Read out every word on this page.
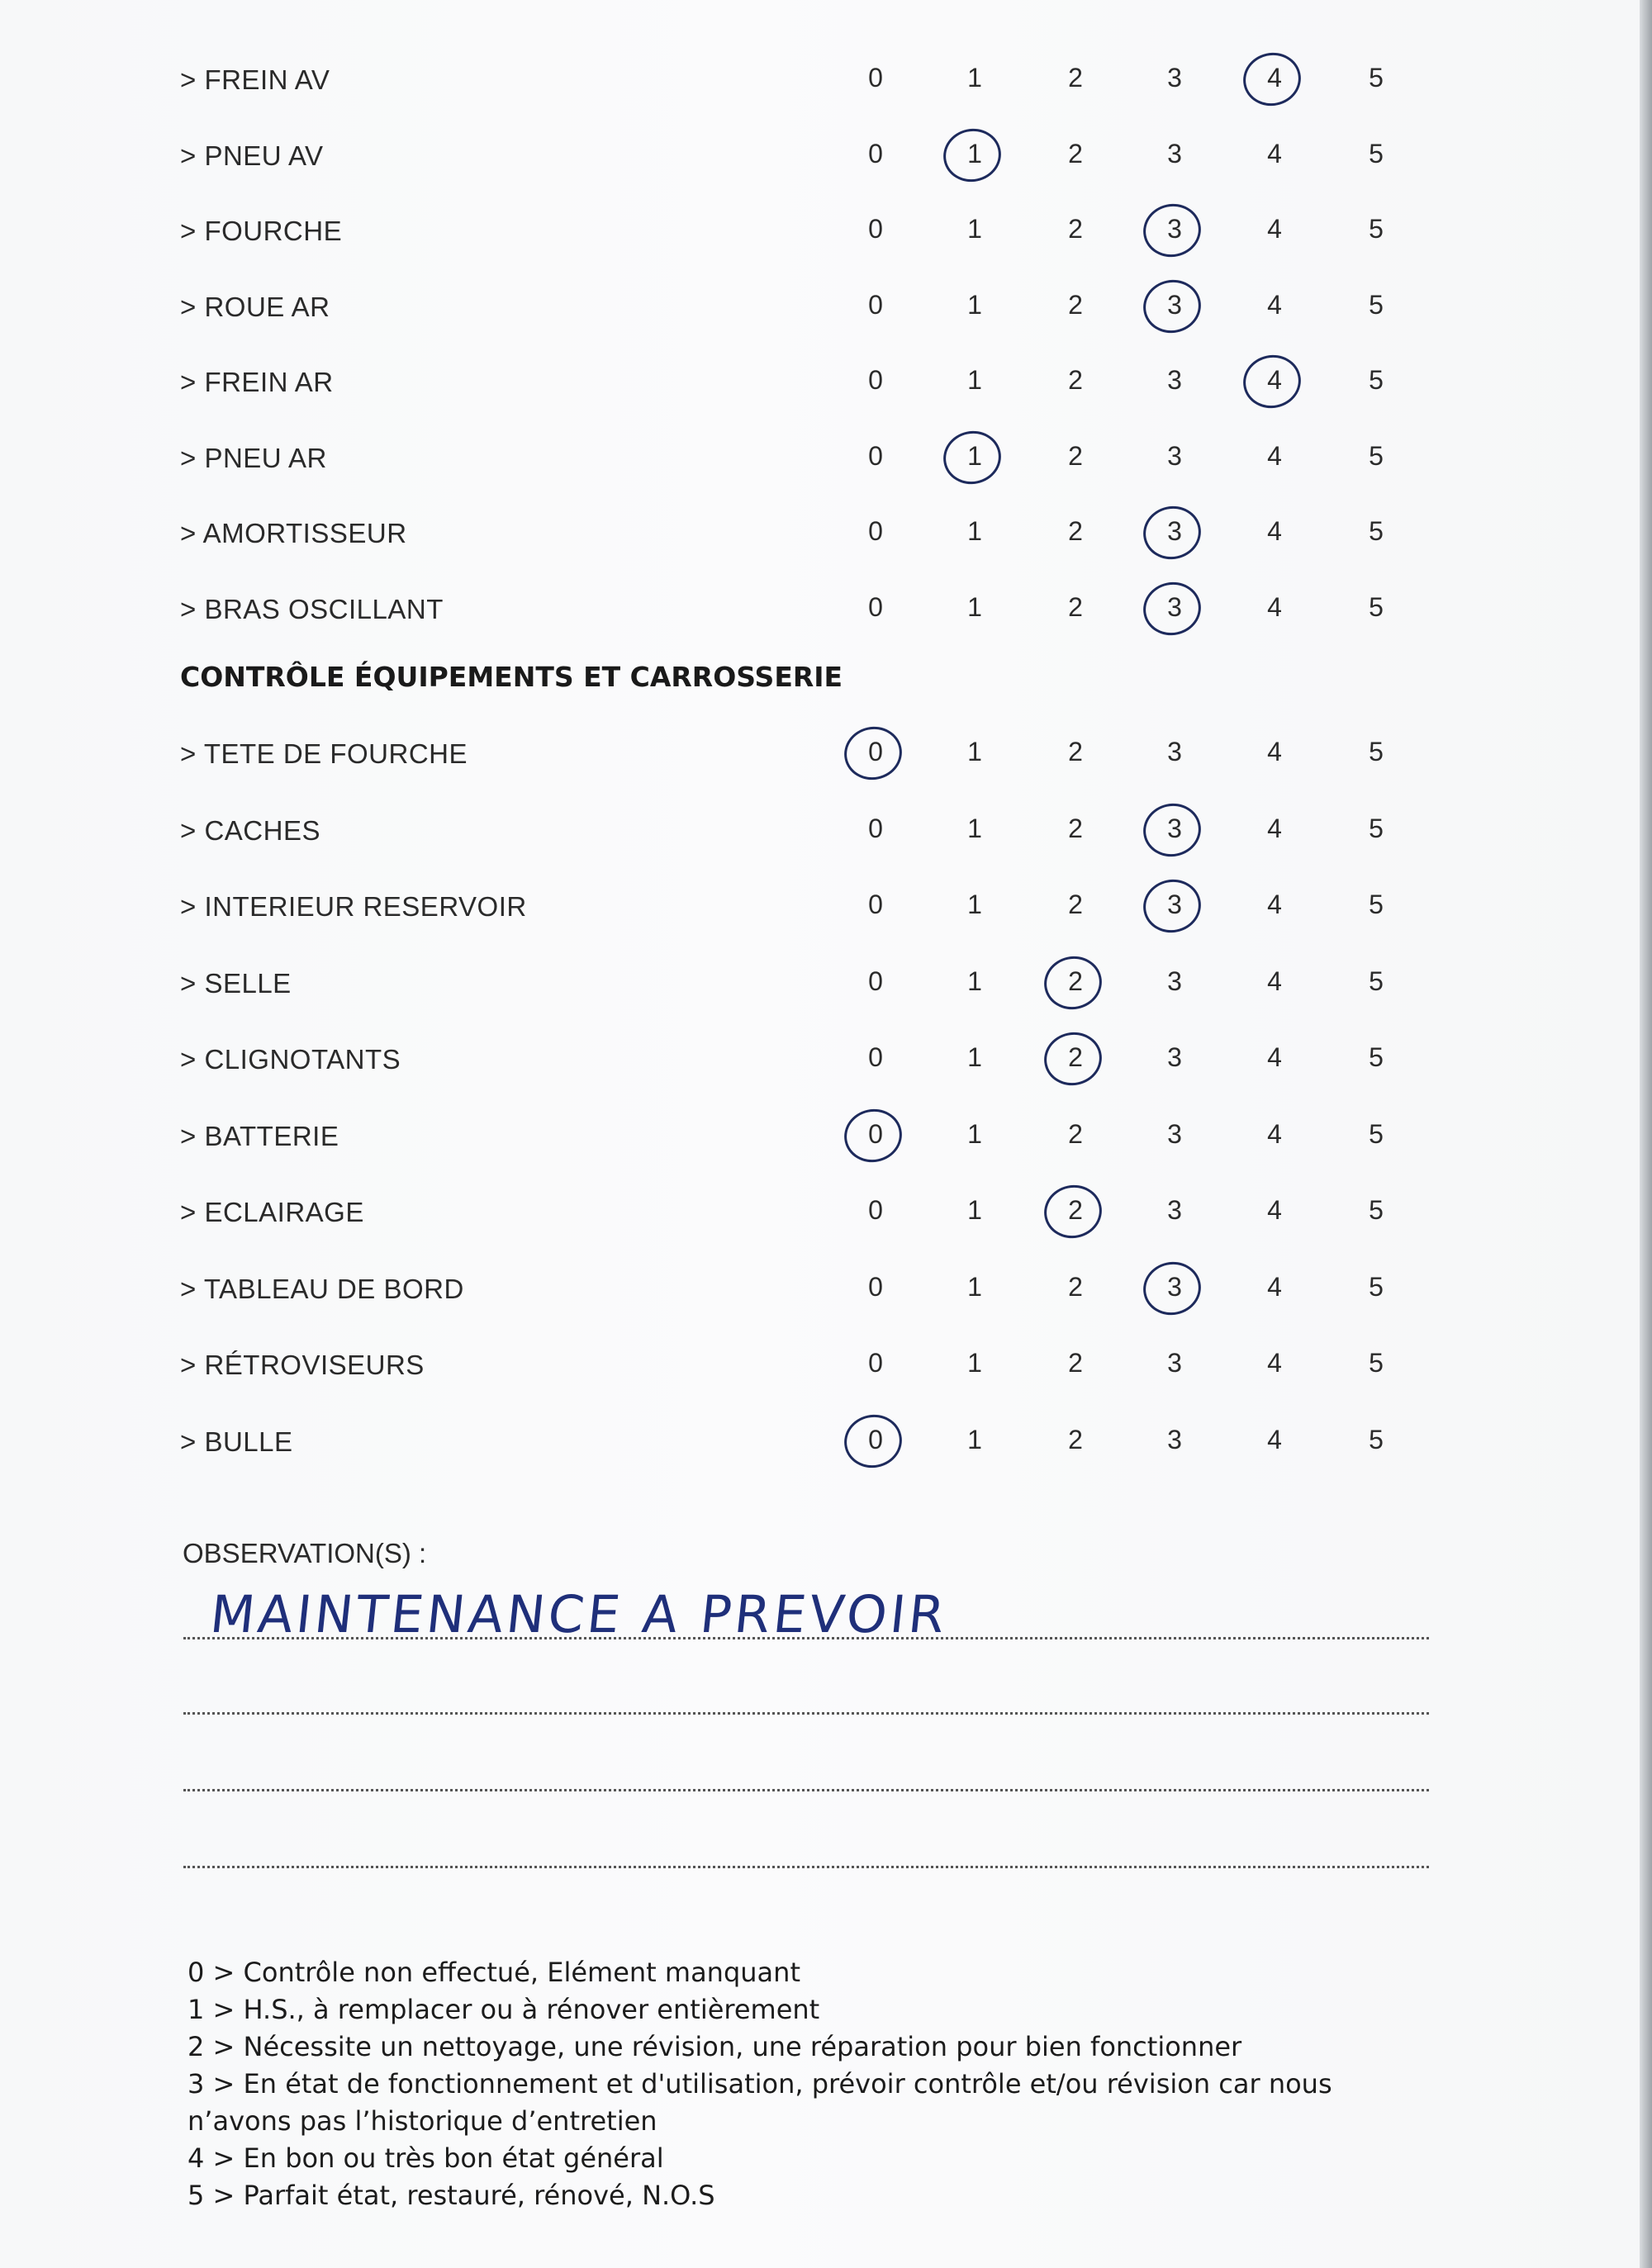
> FREIN AV	0	1	2	3	4	5
> PNEU AV	0	1	2	3	4	5
> FOURCHE	0	1	2	3	4	5
> ROUE AR	0	1	2	3	4	5
> FREIN AR	0	1	2	3	4	5
> PNEU AR	0	1	2	3	4	5
> AMORTISSEUR	0	1	2	3	4	5
> BRAS OSCILLANT	0	1	2	3	4	5
CONTRÔLE ÉQUIPEMENTS ET CARROSSERIE
> TETE DE FOURCHE	0	1	2	3	4	5
> CACHES	0	1	2	3	4	5
> INTERIEUR RESERVOIR	0	1	2	3	4	5
> SELLE	0	1	2	3	4	5
> CLIGNOTANTS	0	1	2	3	4	5
> BATTERIE	0	1	2	3	4	5
> ECLAIRAGE	0	1	2	3	4	5
> TABLEAU DE BORD	0	1	2	3	4	5
> RÉTROVISEURS	0	1	2	3	4	5
> BULLE	0	1	2	3	4	5
OBSERVATION(S) :
MAINTENANCE A PREVOIR
0 > Contrôle non effectué, Elément manquant
1 > H.S., à remplacer ou à rénover entièrement
2 > Nécessite un nettoyage, une révision, une réparation pour bien fonctionner
3 > En état de fonctionnement et d'utilisation, prévoir contrôle et/ou révision car nous n’avons pas l’historique d’entretien
4 > En bon ou très bon état général
5 > Parfait état, restauré, rénové, N.O.S
